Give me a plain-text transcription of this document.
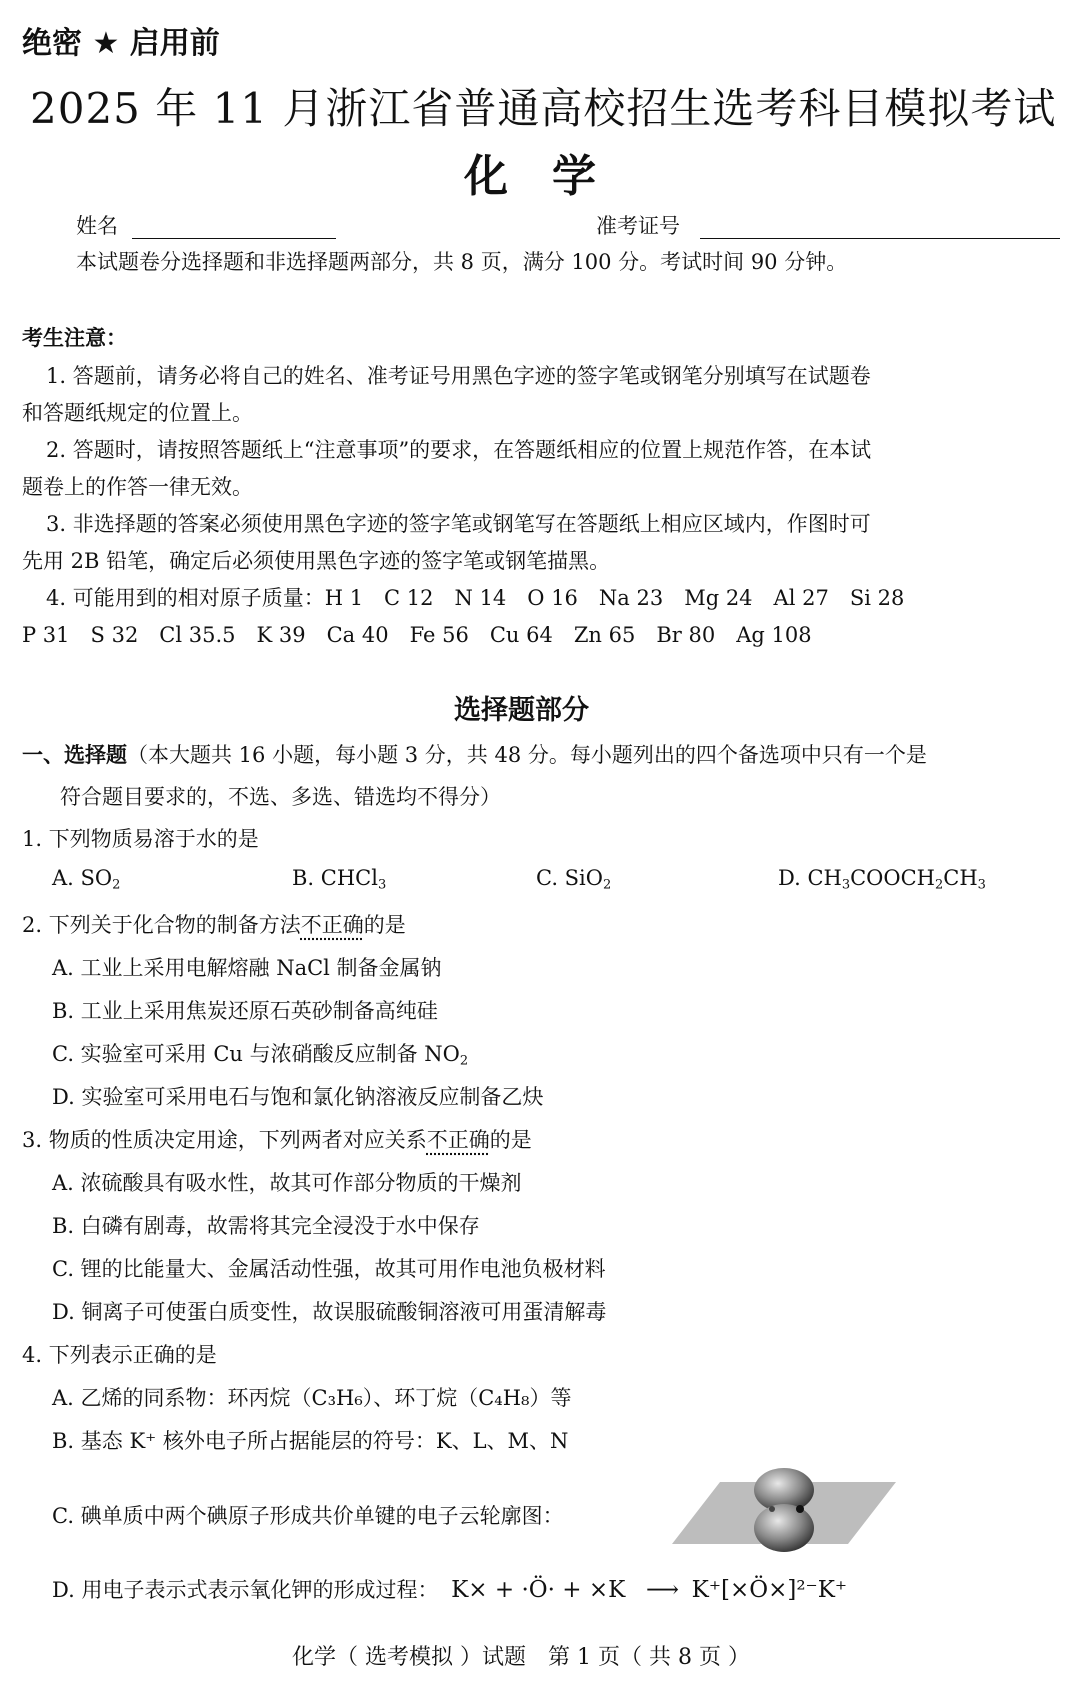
绝密 ★ 启用前
2025 年 11 月浙江省普通高校招生选考科目模拟考试
化　学
姓名	准考证号
本试题卷分选择题和非选择题两部分，共 8 页，满分 100 分。考试时间 90 分钟。
考生注意：
1. 答题前，请务必将自己的姓名、准考证号用黑色字迹的签字笔或钢笔分别填写在试题卷
和答题纸规定的位置上。
2. 答题时，请按照答题纸上“注意事项”的要求，在答题纸相应的位置上规范作答，在本试
题卷上的作答一律无效。
3. 非选择题的答案必须使用黑色字迹的签字笔或钢笔写在答题纸上相应区域内，作图时可
先用 2B 铅笔，确定后必须使用黑色字迹的签字笔或钢笔描黑。
4. 可能用到的相对原子质量：H 1　C 12　N 14　O 16　Na 23　Mg 24　Al 27　Si 28
P 31　S 32　Cl 35.5　K 39　Ca 40　Fe 56　Cu 64　Zn 65　Br 80　Ag 108
选择题部分
一、选择题（本大题共 16 小题，每小题 3 分，共 48 分。每小题列出的四个备选项中只有一个是
符合题目要求的，不选、多选、错选均不得分）
1. 下列物质易溶于水的是
A. $SO_2$	B. CHCl$_3$	C. SiO$_2$	D. $CH_3COOCH_2CH_3$
2. 下列关于化合物的制备方法不正确的是
A. 工业上采用电解熔融 NaCl 制备金属钠
B. 工业上采用焦炭还原石英砂制备高纯硅
C. 实验室可采用 Cu 与浓硝酸反应制备 $NO_2$
D. 实验室可采用电石与饱和氯化钠溶液反应制备乙炔
3. 物质的性质决定用途，下列两者对应关系不正确的是
A. 浓硫酸具有吸水性，故其可作部分物质的干燥剂
B. 白磷有剧毒，故需将其完全浸没于水中保存
C. 锂的比能量大、金属活动性强，故其可用作电池负极材料
D. 铜离子可使蛋白质变性，故误服硫酸铜溶液可用蛋清解毒
4. 下列表示正确的是
A. 乙烯的同系物：环丙烷（C₃H₆）、环丁烷（C₄H₈）等
B. 基态 K⁺ 核外电子所占据能层的符号：K、L、M、N
C. 碘单质中两个碘原子形成共价单键的电子云轮廓图：
D. 用电子表示式表示氧化钾的形成过程： K× + ·Ö· + ×K ⟶ K⁺[×Ö×]²⁻K⁺
化学（ 选考模拟 ）试题　第 1 页（ 共 8 页 ）
